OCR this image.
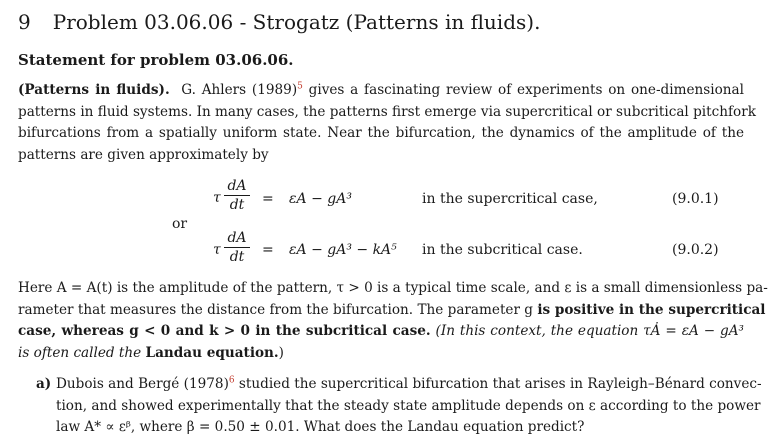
9 Problem 03.06.06 - Strogatz (Patterns in fluids).
Statement for problem 03.06.06.
(Patterns in fluids). G. Ahlers $(1989)^5$ gives a fascinating review of experiments on one-dimensional
patterns in fluid systems. In many cases, the patterns first emerge via supercritical or subcritical pitchfork
bifurcations from a spatially uniform state. Near the bifurcation, the dynamics of the amplitude of the
patterns are given approximately by
τ
dA
dt	= εA − gA³	in the supercritical case,	(9.0.1)
or
τ
dA
dt	= εA − gA³ − kA⁵ in the subcritical case.	(9.0.2)
Here A = A(t) is the amplitude of the pattern, τ > 0 is a typical time scale, and ε is a small dimensionless pa-
rameter that measures the distance from the bifurcation. The parameter g is positive in the supercritical
case, whereas g < 0 and k > 0 in the subcritical case. (In this context, the equation τȦ = εA − gA³
is often called the Landau equation.)
a) Dubois and Bergé $(1978)^6$ studied the supercritical bifurcation that arises in Rayleigh–Bénard convec-
tion, and showed experimentally that the steady state amplitude depends on ε according to the power
law A* ∝ εᵝ, where β = 0.50 ± 0.01. What does the Landau equation predict?
